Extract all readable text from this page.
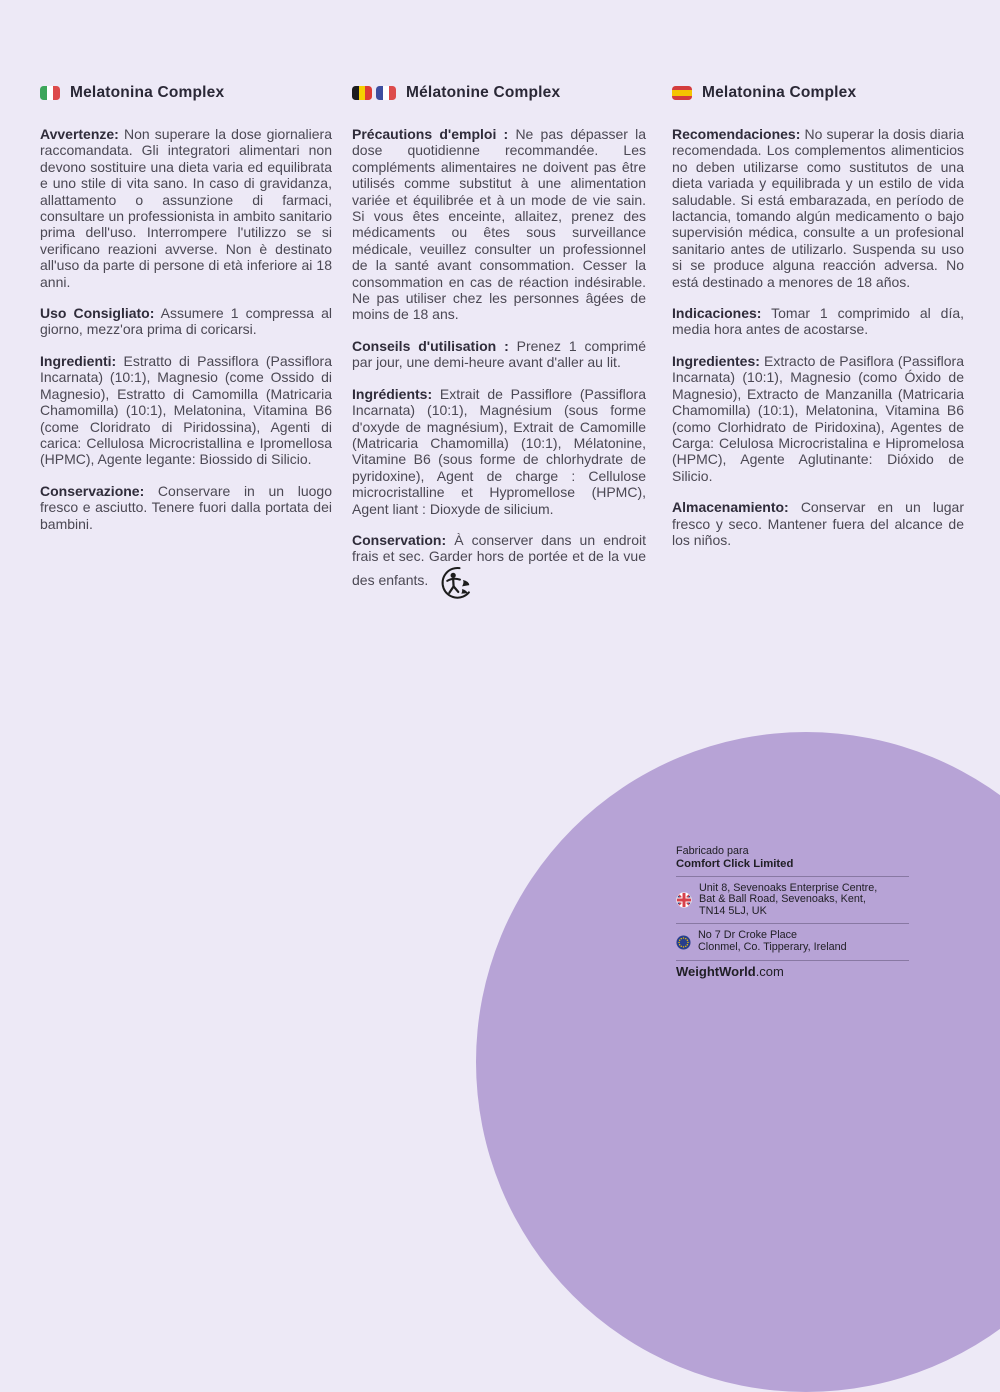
Melatonina Complex

Avvertenze: Non superare la dose giornaliera raccomandata. Gli integratori alimentari non devono sostituire una dieta varia ed equilibrata e uno stile di vita sano. In caso di gravidanza, allattamento o assunzione di farmaci, consultare un professionista in ambito sanitario prima dell'uso. Interrompere l'utilizzo se si verificano reazioni avverse. Non è destinato all'uso da parte di persone di età inferiore ai 18 anni.

Uso Consigliato: Assumere 1 compressa al giorno, mezz'ora prima di coricarsi.

Ingredienti: Estratto di Passiflora (Passiflora Incarnata) (10:1), Magnesio (come Ossido di Magnesio), Estratto di Camomilla (Matricaria Chamomilla) (10:1), Melatonina, Vitamina B6 (come Cloridrato di Piridossina), Agenti di carica: Cellulosa Microcristallina e Ipromellosa (HPMC), Agente legante: Biossido di Silicio.

Conservazione: Conservare in un luogo fresco e asciutto. Tenere fuori dalla portata dei bambini.

Mélatonine Complex

Précautions d'emploi : Ne pas dépasser la dose quotidienne recommandée. Les compléments alimentaires ne doivent pas être utilisés comme substitut à une alimentation variée et équilibrée et à un mode de vie sain. Si vous êtes enceinte, allaitez, prenez des médicaments ou êtes sous surveillance médicale, veuillez consulter un professionnel de la santé avant consommation. Cesser la consommation en cas de réaction indésirable. Ne pas utiliser chez les personnes âgées de moins de 18 ans.

Conseils d'utilisation : Prenez 1 comprimé par jour, une demi-heure avant d'aller au lit.

Ingrédients: Extrait de Passiflore (Passiflora Incarnata) (10:1), Magnésium (sous forme d'oxyde de magnésium), Extrait de Camomille (Matricaria Chamomilla) (10:1), Mélatonine, Vitamine B6 (sous forme de chlorhydrate de pyridoxine), Agent de charge : Cellulose microcristalline et Hypromellose (HPMC), Agent liant : Dioxyde de silicium.

Conservation: À conserver dans un endroit frais et sec. Garder hors de portée et de la vue des enfants.

Melatonina Complex

Recomendaciones: No superar la dosis diaria recomendada. Los complementos alimenticios no deben utilizarse como sustitutos de una dieta variada y equilibrada y un estilo de vida saludable. Si está embarazada, en período de lactancia, tomando algún medicamento o bajo supervisión médica, consulte a un profesional sanitario antes de utilizarlo. Suspenda su uso si se produce alguna reacción adversa. No está destinado a menores de 18 años.

Indicaciones: Tomar 1 comprimido al día, media hora antes de acostarse.

Ingredientes: Extracto de Pasiflora (Passiflora Incarnata) (10:1), Magnesio (como Óxido de Magnesio), Extracto de Manzanilla (Matricaria Chamomilla) (10:1), Melatonina, Vitamina B6 (como Clorhidrato de Piridoxina), Agentes de Carga: Celulosa Microcristalina e Hipromelosa (HPMC), Agente Aglutinante: Dióxido de Silicio.

Almacenamiento: Conservar en un lugar fresco y seco. Mantener fuera del alcance de los niños.

Fabricado para
Comfort Click Limited
Unit 8, Sevenoaks Enterprise Centre,
Bat & Ball Road, Sevenoaks, Kent,
TN14 5LJ, UK
No 7 Dr Croke Place
Clonmel, Co. Tipperary, Ireland
WeightWorld.com
